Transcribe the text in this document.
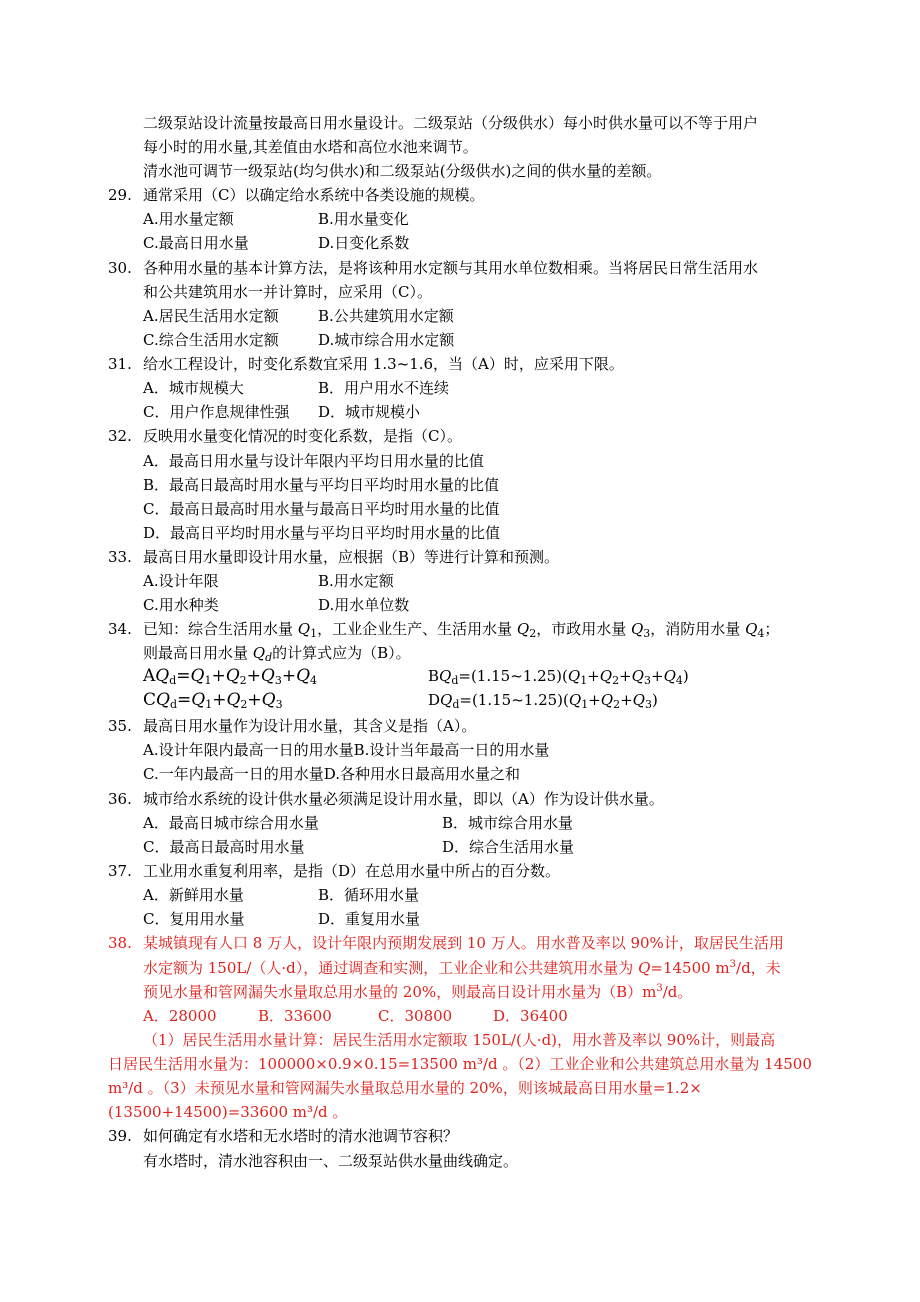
二级泵站设计流量按最高日用水量设计。二级泵站（分级供水）每小时供水量可以不等于用户
每小时的用水量,其差值由水塔和高位水池来调节。
清水池可调节一级泵站(均匀供水)和二级泵站(分级供水)之间的供水量的差额。
29. 通常采用（C）以确定给水系统中各类设施的规模。
A.用水量定额	B.用水量变化
C.最高日用水量	D.日变化系数
30. 各种用水量的基本计算方法，是将该种用水定额与其用水单位数相乘。当将居民日常生活用水
和公共建筑用水一并计算时，应采用（C）。
A.居民生活用水定额	B.公共建筑用水定额
C.综合生活用水定额	D.城市综合用水定额
31. 给水工程设计，时变化系数宜采用 1.3~1.6，当（A）时，应采用下限。
A．城市规模大	B．用户用水不连续
C．用户作息规律性强 D．城市规模小
32. 反映用水量变化情况的时变化系数，是指（C）。
A．最高日用水量与设计年限内平均日用水量的比值
B．最高日最高时用水量与平均日平均时用水量的比值
C．最高日最高时用水量与最高日平均时用水量的比值
D．最高日平均时用水量与平均日平均时用水量的比值
33. 最高日用水量即设计用水量，应根据（B）等进行计算和预测。
A.设计年限	B.用水定额
C.用水种类	D.用水单位数
34. 已知：综合生活用水量 $Q_1$，工业企业生产、生活用水量 $Q_2$，市政用水量 $Q_3$，消防用水量 $Q_4$；
则最高日用水量 $Q_d$的计算式应为（B）。
$AQ_d=Q_1+Q_2+Q_3+Q_4$	$BQ_d=(1.15\sim 1.25)(Q_1+Q_2+Q_3+Q_4)$
$CQ_d=Q_1+Q_2+Q_3$	$DQ_d=(1.15\sim 1.25)(Q_1+Q_2+Q_3)$
35. 最高日用水量作为设计用水量，其含义是指（A）。
A.设计年限内最高一日的用水量B.设计当年最高一日的用水量
C.一年内最高一日的用水量D.各种用水日最高用水量之和
36. 城市给水系统的设计供水量必须满足设计用水量，即以（A）作为设计供水量。
A．最高日城市综合用水量	B．城市综合用水量
C．最高日最高时用水量	D．综合生活用水量
37. 工业用水重复利用率，是指（D）在总用水量中所占的百分数。
A．新鲜用水量	B．循环用水量
C．复用用水量	D．重复用水量
38. 某城镇现有人口 8 万人，设计年限内预期发展到 10 万人。用水普及率以 90%计，取居民生活用
水定额为 150L/（人·d），通过调查和实测，工业企业和公共建筑用水量为 Q=14500 $m^3/d$，未
预见水量和管网漏失水量取总用水量的 20%，则最高日设计用水量为$(B)m^3/d$。
A．28000	B．33600	C．30800	D．36400
（1）居民生活用水量计算：居民生活用水定额取 150L/(人·d)，用水普及率以 90%计，则最高
日居民生活用水量为：100000×0.9×0.15=13500 m³/d 。（2）工业企业和公共建筑总用水量为 14500
m³/d 。（3）未预见水量和管网漏失水量取总用水量的 20%，则该城最高日用水量=1.2×
(13500+14500)=33600 m³/d 。
39. 如何确定有水塔和无水塔时的清水池调节容积？
有水塔时，清水池容积由一、二级泵站供水量曲线确定。
